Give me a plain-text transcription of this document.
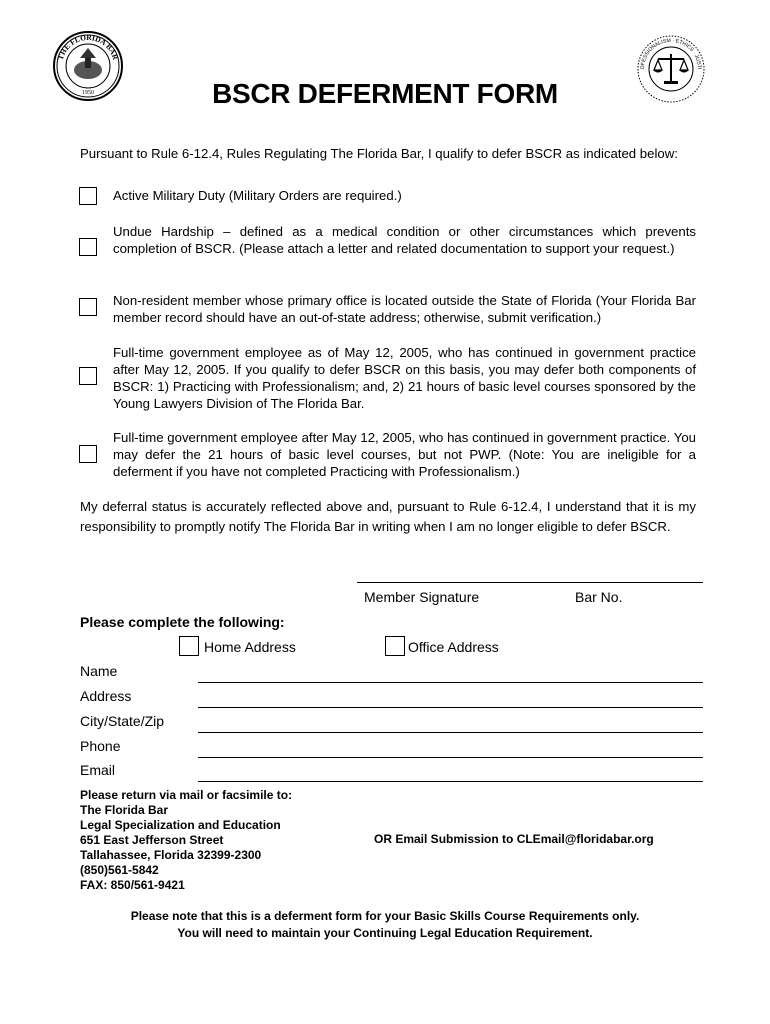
THE FLORIDA BAR
1950
OFESSIONALISM · ETHICS · JUSTI
BSCR DEFERMENT FORM
Pursuant to Rule 6-12.4, Rules Regulating The Florida Bar, I qualify to defer BSCR as indicated below:
Active Military Duty (Military Orders are required.)
Undue Hardship – defined as a medical condition or other circumstances which prevents completion of BSCR. (Please attach a letter and related documentation to support your request.)
Non-resident member whose primary office is located outside the State of Florida (Your Florida Bar member record should have an out-of-state address; otherwise, submit verification.)
Full-time government employee as of May 12, 2005, who has continued in government practice after May 12, 2005. If you qualify to defer BSCR on this basis, you may defer both components of BSCR: 1) Practicing with Professionalism; and, 2) 21 hours of basic level courses sponsored by the Young Lawyers Division of The Florida Bar.
Full-time government employee after May 12, 2005, who has continued in government practice. You may defer the 21 hours of basic level courses, but not PWP. (Note: You are ineligible for a deferment if you have not completed Practicing with Professionalism.)
My deferral status is accurately reflected above and, pursuant to Rule 6-12.4, I understand that it is my responsibility to promptly notify The Florida Bar in writing when I am no longer eligible to defer BSCR.
Member Signature	Bar No.
Please complete the following:
Home Address	Office Address
Name
Address
City/State/Zip
Phone
Email
Please return via mail or facsimile to:
The Florida Bar
Legal Specialization and Education
651 East Jefferson Street
Tallahassee, Florida 32399-2300
(850)561-5842
FAX: 850/561-9421
OR Email Submission to CLEmail@floridabar.org
Please note that this is a deferment form for your Basic Skills Course Requirements only.
You will need to maintain your Continuing Legal Education Requirement.
